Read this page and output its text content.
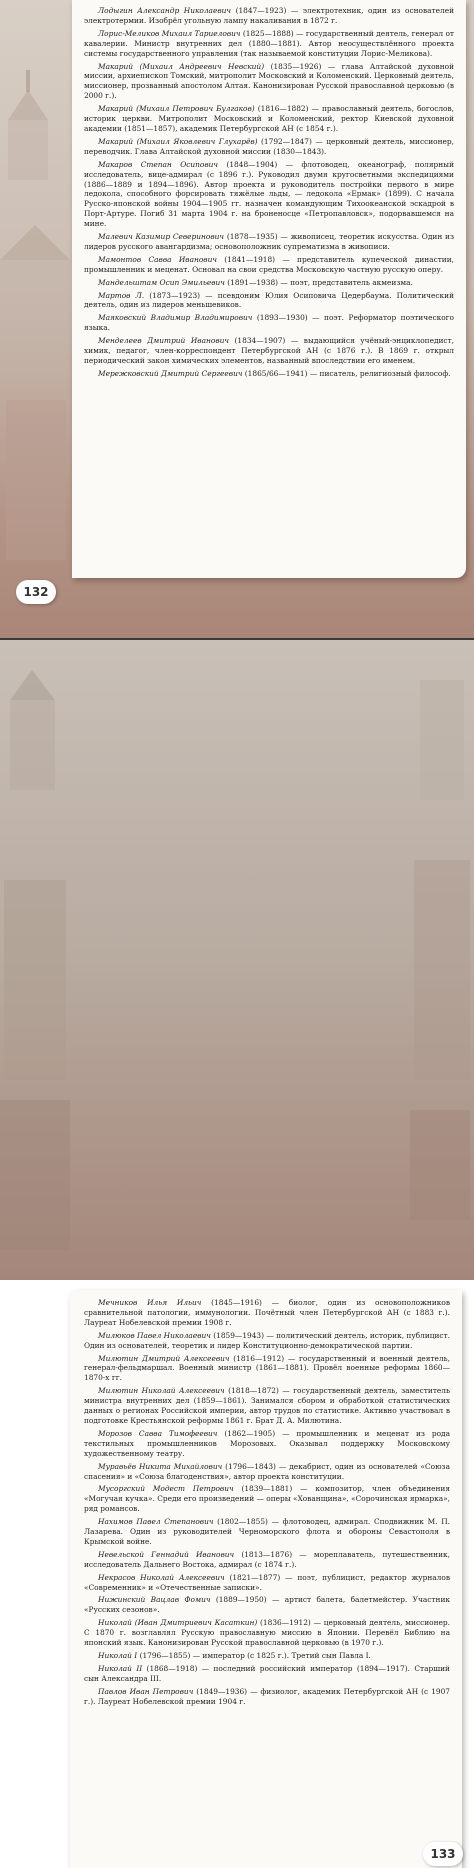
Лодыгин Александр Николаевич (1847—1923) — электротехник, один из основателей электротермии. Изобрёл угольную лампу накаливания в 1872 г.

Лорис-Меликов Михаил Тариелович (1825—1888) — государственный деятель, генерал от кавалерии. Министр внутренних дел (1880—1881). Автор неосуществлённого проекта системы государственного управления (так называемой конституции Лорис-Меликова).

Макарий (Михаил Андреевич Невский) (1835—1926) — глава Алтайской духовной миссии, архиепископ Томский, митрополит Московский и Коломенский. Церковный деятель, миссионер, прозванный апостолом Алтая. Канонизирован Русской православной церковью (в 2000 г.).

Макарий (Михаил Петрович Булгаков) (1816—1882) — православный деятель, богослов, историк церкви. Митрополит Московский и Коломенский, ректор Киевской духовной академии (1851—1857), академик Петербургской АН (с 1854 г.).

Макарий (Михаил Яковлевич Глухарёв) (1792—1847) — церковный деятель, миссионер, переводчик. Глава Алтайской духовной миссии (1830—1843).

Макаров Степан Осипович (1848—1904) — флотоводец, океанограф, полярный исследователь, вице-адмирал (с 1896 г.). Руководил двумя кругосветными экспедициями (1886—1889 и 1894—1896). Автор проекта и руководитель постройки первого в мире ледокола, способного форсировать тяжёлые льды, — ледокола «Ермак» (1899). С начала Русско-японской войны 1904—1905 гг. назначен командующим Тихоокеанской эскадрой в Порт-Артуре. Погиб 31 марта 1904 г. на броненосце «Петропавловск», подорвавшемся на мине.

Малевич Казимир Северинович (1878—1935) — живописец, теоретик искусства. Один из лидеров русского авангардизма; основоположник супрематизма в живописи.

Мамонтов Савва Иванович (1841—1918) — представитель купеческой династии, промышленник и меценат. Основал на свои средства Московскую частную русскую оперу.

Мандельштам Осип Эмильевич (1891—1938) — поэт, представитель акмеизма.

Мартов Л. (1873—1923) — псевдоним Юлия Осиповича Цедербаума. Политический деятель, один из лидеров меньшевиков.

Маяковский Владимир Владимирович (1893—1930) — поэт. Реформатор поэтического языка.

Менделеев Дмитрий Иванович (1834—1907) — выдающийся учёный-энциклопедист, химик, педагог, член-корреспондент Петербургской АН (с 1876 г.). В 1869 г. открыл периодический закон химических элементов, названный впоследствии его именем.

Мережковский Дмитрий Сергеевич (1865/66—1941) — писатель, религиозный философ.

132

Мечников Илья Ильич (1845—1916) — биолог, один из основоположников сравнительной патологии, иммунологии. Почётный член Петербургской АН (с 1883 г.). Лауреат Нобелевской премии 1908 г.

Милюков Павел Николаевич (1859—1943) — политический деятель, историк, публицист. Один из основателей, теоретик и лидер Конституционно-демократической партии.

Милютин Дмитрий Алексеевич (1816—1912) — государственный и военный деятель, генерал-фельдмаршал. Военный министр (1861—1881). Провёл военные реформы 1860—1870-х гг.

Милютин Николай Алексеевич (1818—1872) — государственный деятель, заместитель министра внутренних дел (1859—1861). Занимался сбором и обработкой статистических данных о регионах Российской империи, автор трудов по статистике. Активно участвовал в подготовке Крестьянской реформы 1861 г. Брат Д. А. Милютина.

Морозов Савва Тимофеевич (1862—1905) — промышленник и меценат из рода текстильных промышленников Морозовых. Оказывал поддержку Московскому художественному театру.

Муравьёв Никита Михайлович (1796—1843) — декабрист, один из основателей «Союза спасения» и «Союза благоденствия», автор проекта конституции.

Мусоргский Модест Петрович (1839—1881) — композитор, член объединения «Могучая кучка». Среди его произведений — оперы «Хованщина», «Сорочинская ярмарка», ряд романсов.

Нахимов Павел Степанович (1802—1855) — флотоводец, адмирал. Сподвижник М. П. Лазарева. Один из руководителей Черноморского флота и обороны Севастополя в Крымской войне.

Невельской Геннадий Иванович (1813—1876) — мореплаватель, путешественник, исследователь Дальнего Востока, адмирал (с 1874 г.).

Некрасов Николай Алексеевич (1821—1877) — поэт, публицист, редактор журналов «Современник» и «Отечественные записки».

Нижинский Вацлав Фомич (1889—1950) — артист балета, балетмейстер. Участник «Русских сезонов».

Николай (Иван Дмитриевич Касаткин) (1836—1912) — церковный деятель, миссионер. С 1870 г. возглавлял Русскую православную миссию в Японии. Перевёл Библию на японский язык. Канонизирован Русской православной церковью (в 1970 г.).

Николай I (1796—1855) — император (с 1825 г.). Третий сын Павла I.

Николай II (1868—1918) — последний российский император (1894—1917). Старший сын Александра III.

Павлов Иван Петрович (1849—1936) — физиолог, академик Петербургской АН (с 1907 г.). Лауреат Нобелевской премии 1904 г.

133
